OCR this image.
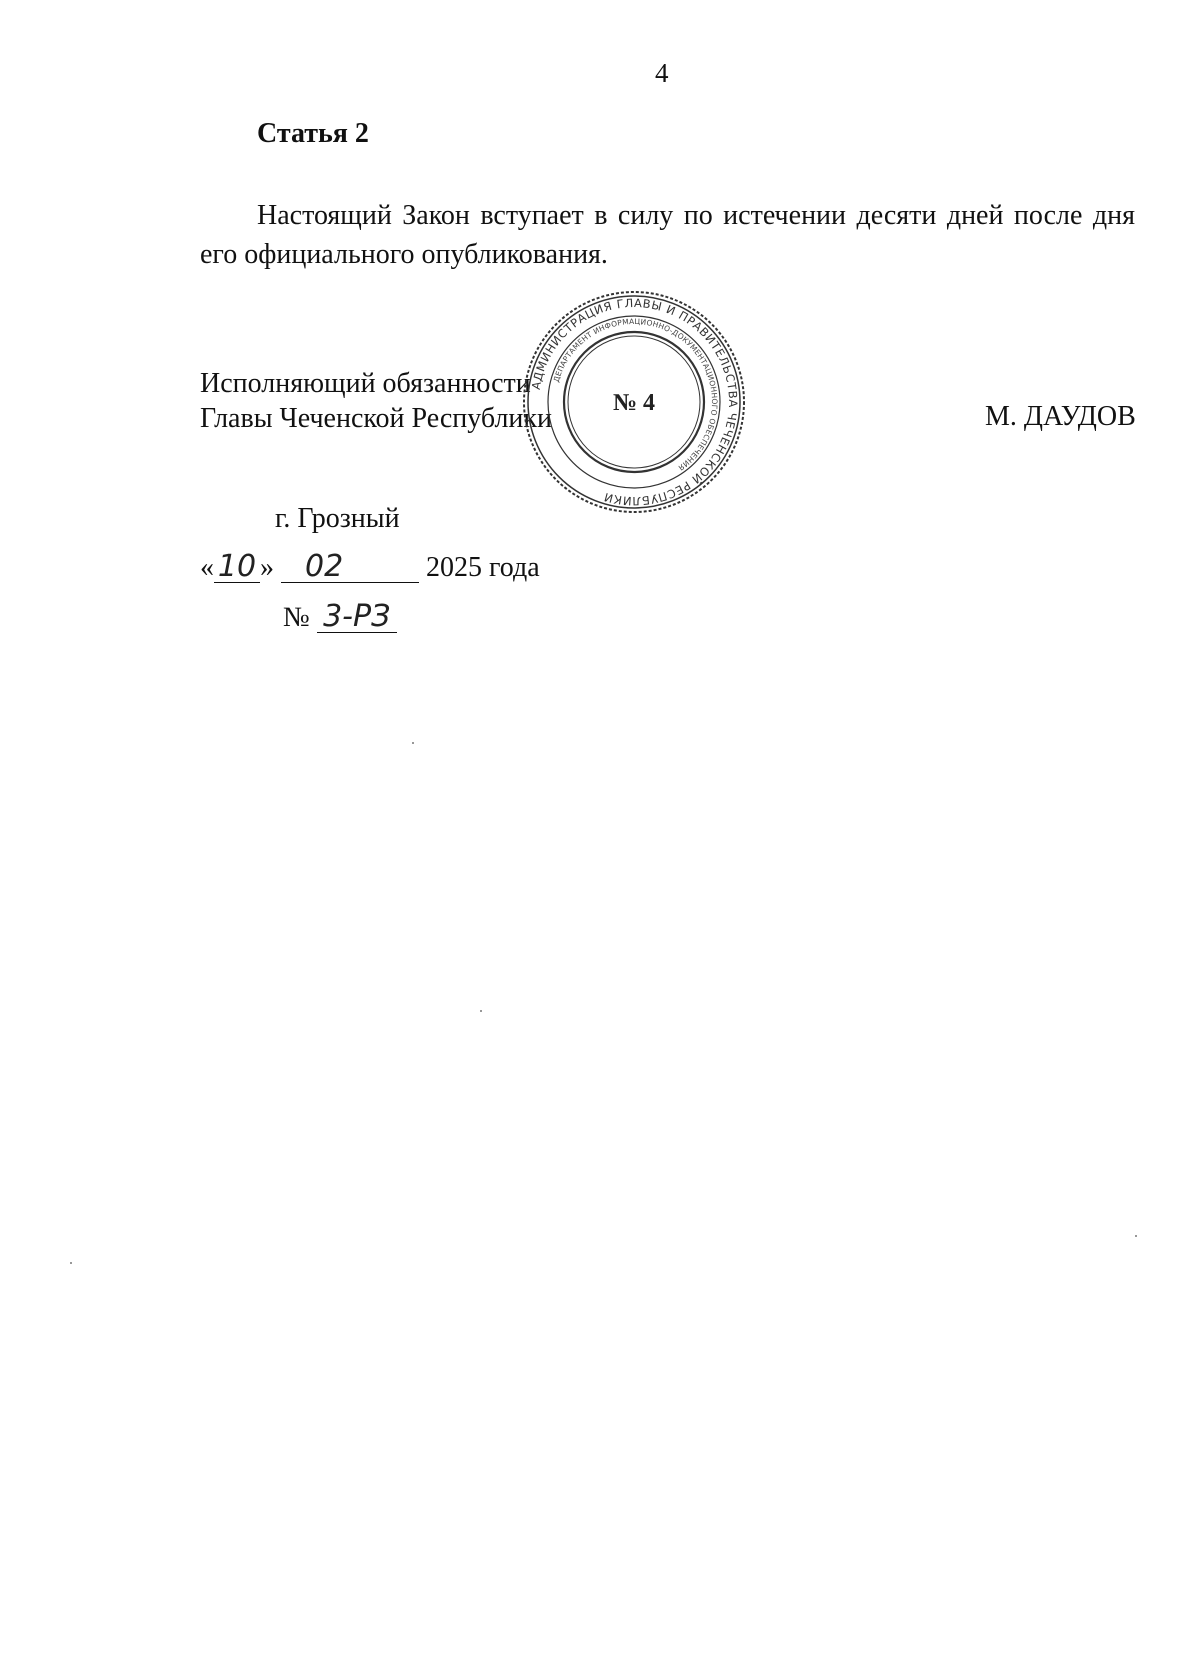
4
Статья 2
Настоящий Закон вступает в силу по истечении десяти дней после дня его официального опубликования.
Исполняющий обязанности
Главы Чеченской Республики
АДМИНИСТРАЦИЯ ГЛАВЫ И ПРАВИТЕЛЬСТВА ЧЕЧЕНСКОЙ РЕСПУБЛИКИ
ДЕПАРТАМЕНТ ИНФОРМАЦИОННО-ДОКУМЕНТАЦИОННОГО ОБЕСПЕЧЕНИЯ
№ 4	М. ДАУДОВ
г. Грозный
« 10 » 02	2025 года
№ 3-РЗ
